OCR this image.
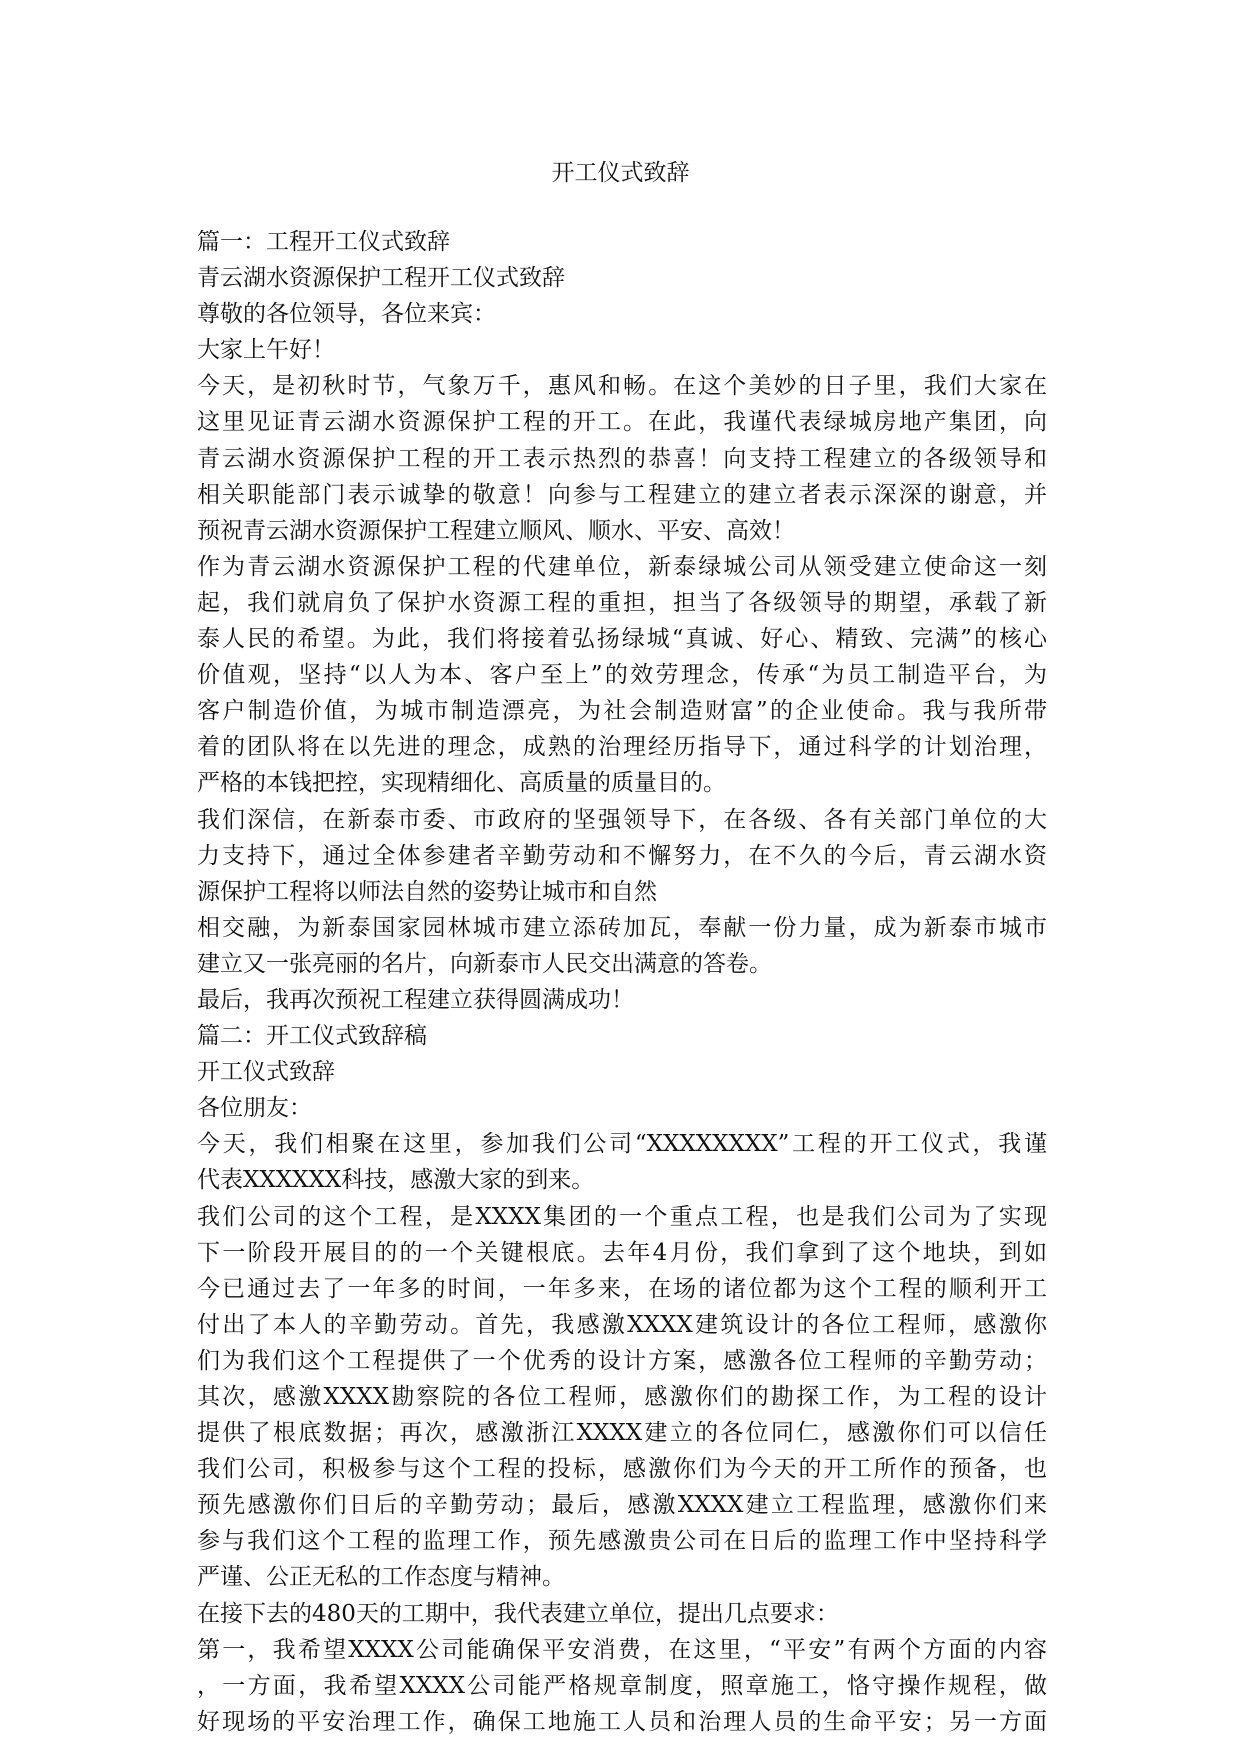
开工仪式致辞
篇一：工程开工仪式致辞
青云湖水资源保护工程开工仪式致辞
尊敬的各位领导，各位来宾：
大家上午好！
今天，是初秋时节，气象万千，惠风和畅。在这个美妙的日子里，我们大家在
这里见证青云湖水资源保护工程的开工。在此，我谨代表绿城房地产集团，向
青云湖水资源保护工程的开工表示热烈的恭喜！向支持工程建立的各级领导和
相关职能部门表示诚挚的敬意！向参与工程建立的建立者表示深深的谢意，并
预祝青云湖水资源保护工程建立顺风、顺水、平安、高效！
作为青云湖水资源保护工程的代建单位，新泰绿城公司从领受建立使命这一刻
起，我们就肩负了保护水资源工程的重担，担当了各级领导的期望，承载了新
泰人民的希望。为此，我们将接着弘扬绿城“真诚、好心、精致、完满”的核心
价值观，坚持“以人为本、客户至上”的效劳理念，传承“为员工制造平台，为
客户制造价值，为城市制造漂亮，为社会制造财富”的企业使命。我与我所带
着的团队将在以先进的理念，成熟的治理经历指导下，通过科学的计划治理，
严格的本钱把控，实现精细化、高质量的质量目的。
我们深信，在新泰市委、市政府的坚强领导下，在各级、各有关部门单位的大
力支持下，通过全体参建者辛勤劳动和不懈努力，在不久的今后，青云湖水资
源保护工程将以师法自然的姿势让城市和自然
相交融，为新泰国家园林城市建立添砖加瓦，奉献一份力量，成为新泰市城市
建立又一张亮丽的名片，向新泰市人民交出满意的答卷。
最后，我再次预祝工程建立获得圆满成功！
篇二：开工仪式致辞稿
开工仪式致辞
各位朋友：
今天，我们相聚在这里，参加我们公司“XXXXXXXX”工程的开工仪式，我谨
代表XXXXXX科技，感激大家的到来。
我们公司的这个工程，是XXXX集团的一个重点工程，也是我们公司为了实现
下一阶段开展目的的一个关键根底。去年4月份，我们拿到了这个地块，到如
今已通过去了一年多的时间，一年多来，在场的诸位都为这个工程的顺利开工
付出了本人的辛勤劳动。首先，我感激XXXX建筑设计的各位工程师，感激你
们为我们这个工程提供了一个优秀的设计方案，感激各位工程师的辛勤劳动；
其次，感激XXXX勘察院的各位工程师，感激你们的勘探工作，为工程的设计
提供了根底数据；再次，感激浙江XXXX建立的各位同仁，感激你们可以信任
我们公司，积极参与这个工程的投标，感激你们为今天的开工所作的预备，也
预先感激你们日后的辛勤劳动；最后，感激XXXX建立工程监理，感激你们来
参与我们这个工程的监理工作，预先感激贵公司在日后的监理工作中坚持科学
严谨、公正无私的工作态度与精神。
在接下去的480天的工期中，我代表建立单位，提出几点要求：
第一，我希望XXXX公司能确保平安消费，在这里，“平安”有两个方面的内容
，一方面，我希望XXXX公司能严格规章制度，照章施工，恪守操作规程，做
好现场的平安治理工作，确保工地施工人员和治理人员的生命平安；另一方面
